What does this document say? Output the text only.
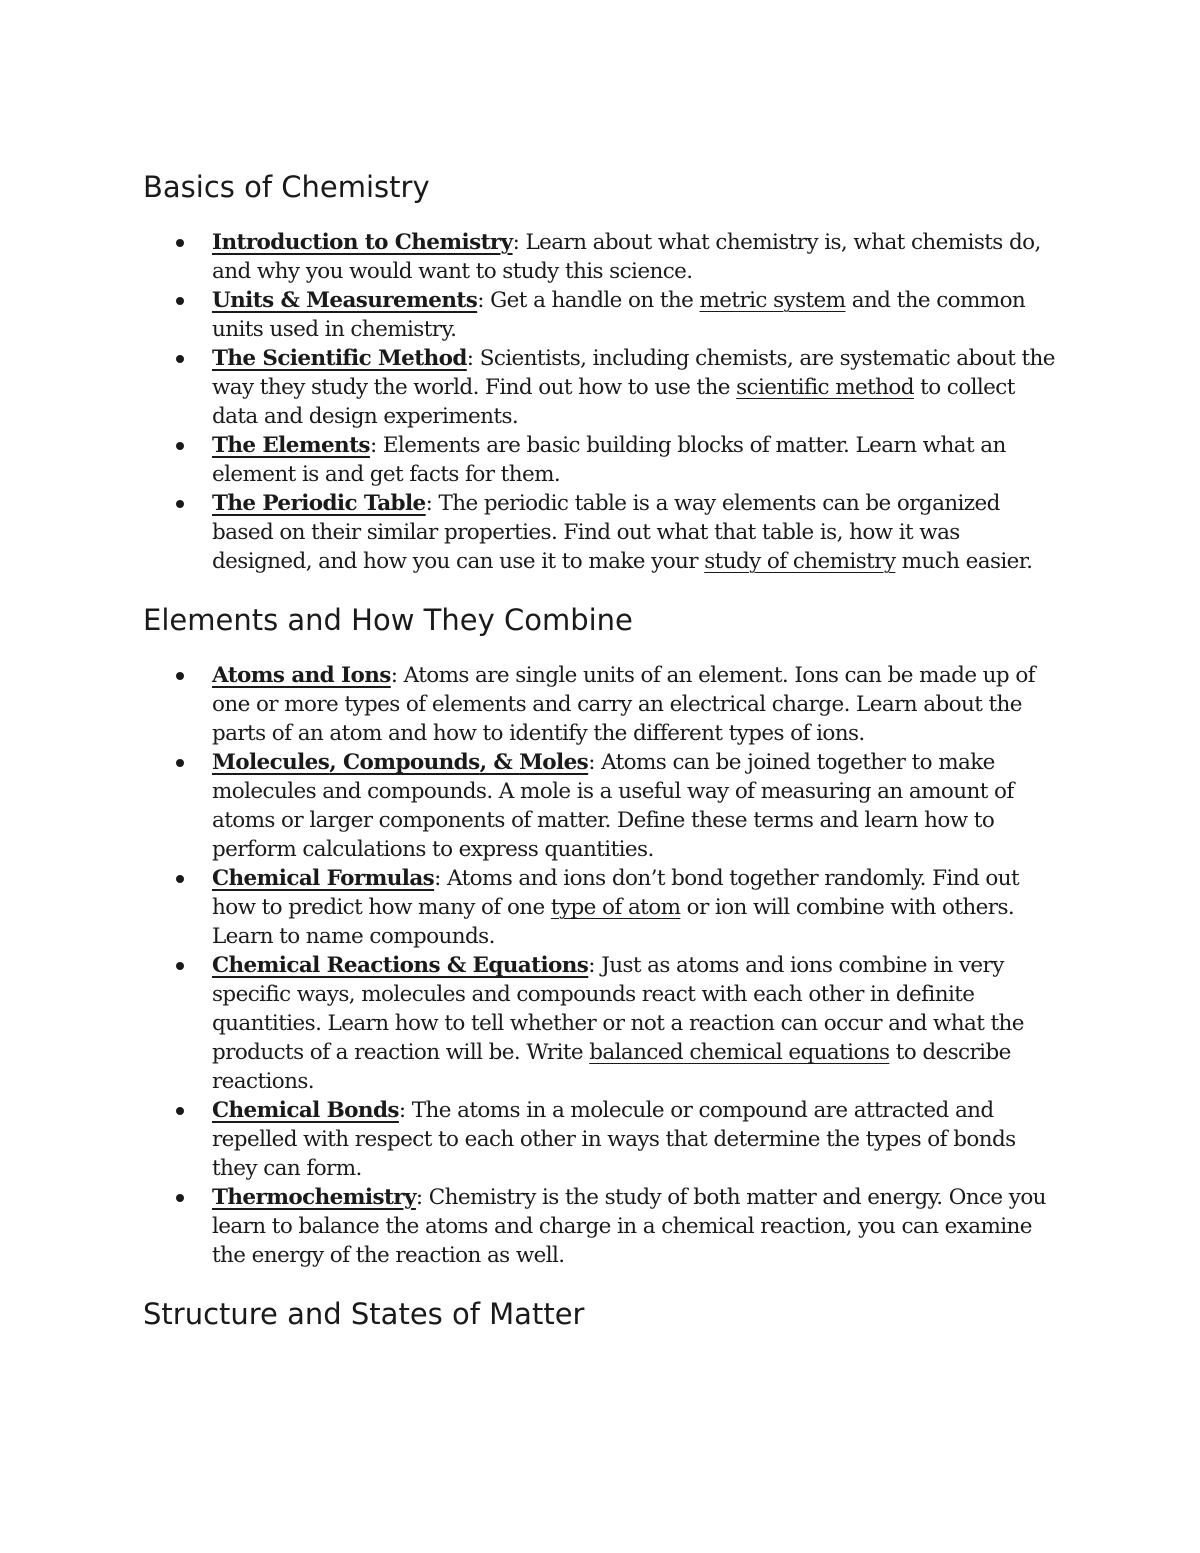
Basics of Chemistry
Introduction to Chemistry: Learn about what chemistry is, what chemists do, and why you would want to study this science.
Units & Measurements: Get a handle on the metric system and the common units used in chemistry.
The Scientific Method: Scientists, including chemists, are systematic about the way they study the world. Find out how to use the scientific method to collect data and design experiments.
The Elements: Elements are basic building blocks of matter. Learn what an element is and get facts for them.
The Periodic Table: The periodic table is a way elements can be organized based on their similar properties. Find out what that table is, how it was designed, and how you can use it to make your study of chemistry much easier.
Elements and How They Combine
Atoms and Ions: Atoms are single units of an element. Ions can be made up of one or more types of elements and carry an electrical charge. Learn about the parts of an atom and how to identify the different types of ions.
Molecules, Compounds, & Moles: Atoms can be joined together to make molecules and compounds. A mole is a useful way of measuring an amount of atoms or larger components of matter. Define these terms and learn how to perform calculations to express quantities.
Chemical Formulas: Atoms and ions don’t bond together randomly. Find out how to predict how many of one type of atom or ion will combine with others. Learn to name compounds.
Chemical Reactions & Equations: Just as atoms and ions combine in very specific ways, molecules and compounds react with each other in definite quantities. Learn how to tell whether or not a reaction can occur and what the products of a reaction will be. Write balanced chemical equations to describe reactions.
Chemical Bonds: The atoms in a molecule or compound are attracted and repelled with respect to each other in ways that determine the types of bonds they can form.
Thermochemistry: Chemistry is the study of both matter and energy. Once you learn to balance the atoms and charge in a chemical reaction, you can examine the energy of the reaction as well.
Structure and States of Matter
